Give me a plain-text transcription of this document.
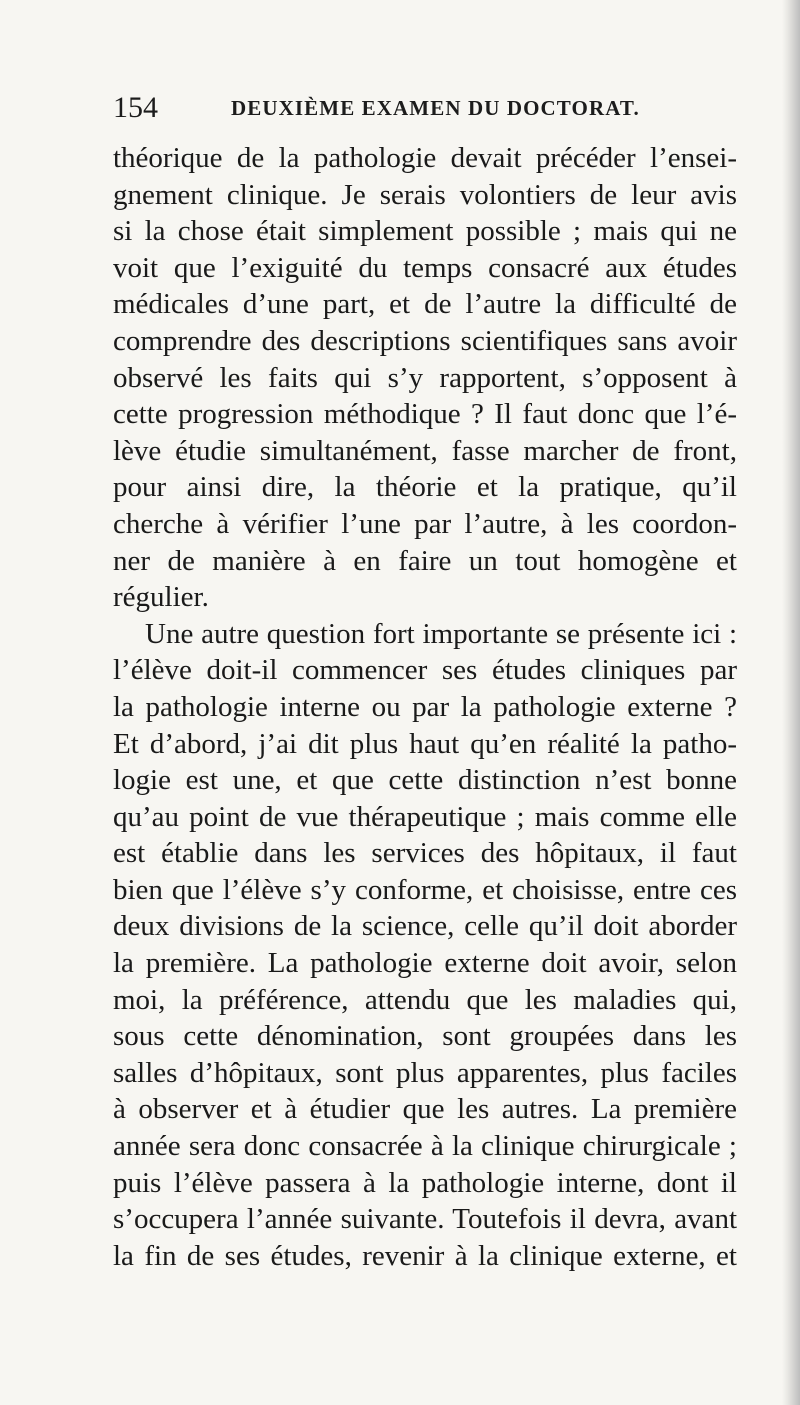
154	DEUXIÈME EXAMEN DU DOCTORAT.
théorique de la pathologie devait précéder l’ensei-
gnement clinique. Je serais volontiers de leur avis
si la chose était simplement possible ; mais qui ne
voit que l’exiguité du temps consacré aux études
médicales d’une part, et de l’autre la difficulté de
comprendre des descriptions scientifiques sans avoir
observé les faits qui s’y rapportent, s’opposent à
cette progression méthodique ? Il faut donc que l’é-
lève étudie simultanément, fasse marcher de front,
pour ainsi dire, la théorie et la pratique, qu’il
cherche à vérifier l’une par l’autre, à les coordon-
ner de manière à en faire un tout homogène et
régulier.
Une autre question fort importante se présente ici :
l’élève doit-il commencer ses études cliniques par
la pathologie interne ou par la pathologie externe ?
Et d’abord, j’ai dit plus haut qu’en réalité la patho-
logie est une, et que cette distinction n’est bonne
qu’au point de vue thérapeutique ; mais comme elle
est établie dans les services des hôpitaux, il faut
bien que l’élève s’y conforme, et choisisse, entre ces
deux divisions de la science, celle qu’il doit aborder
la première. La pathologie externe doit avoir, selon
moi, la préférence, attendu que les maladies qui,
sous cette dénomination, sont groupées dans les
salles d’hôpitaux, sont plus apparentes, plus faciles
à observer et à étudier que les autres. La première
année sera donc consacrée à la clinique chirurgicale ;
puis l’élève passera à la pathologie interne, dont il
s’occupera l’année suivante. Toutefois il devra, avant
la fin de ses études, revenir à la clinique externe, et
